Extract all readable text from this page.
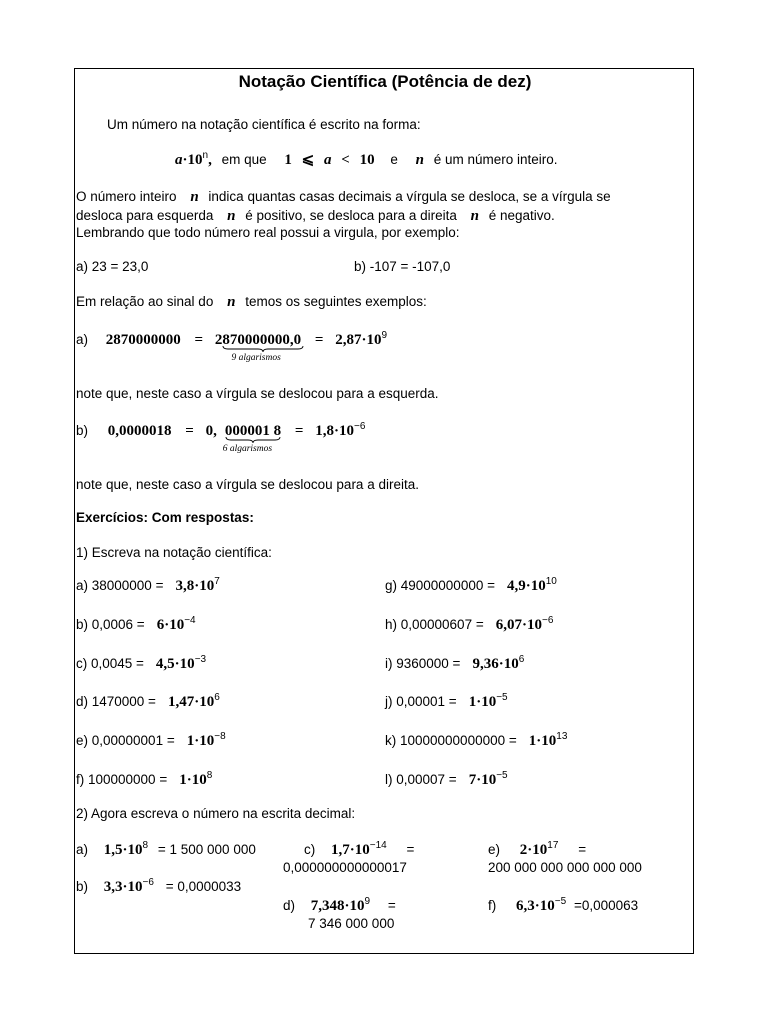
Notação Científica (Potência de dez)
Um número na notação científica é escrito na forma:
$a\cdot 10^n$, em que 1 ⩽ a < 10 e n é um número inteiro.
O número inteiro n indica quantas casas decimais a vírgula se desloca, se a vírgula se
desloca para esquerda n é positivo, se desloca para a direita n é negativo.
Lembrando que todo número real possui a virgula, por exemplo:
a) 23 = 23,0	b) -107 = -107,0
Em relação ao sinal do n temos os seguintes exemplos:
a) 2870000000 = 2870000000
9 algarismos
$,0 = 2,87\cdot 10^9$
note que, neste caso a vírgula se deslocou para a esquerda.
b) 0,0000018 = 0, 000001
6 algarismos
$8 = 1,8\cdot 10^{-6}$
note que, neste caso a vírgula se deslocou para a direita.
Exercícios: Com respostas:
1) Escreva na notação científica:
a) $38000000 = 3,8\cdot 10^7$	g) $49000000000 = 4,9\cdot 10^{10}$
b) $0,0006 = 6\cdot 10^{-4}$	h) $0,00000607 = 6,07\cdot 10^{-6}$
c) $0,0045 = 4,5\cdot 10^{-3}$	i) $9360000 = 9,36\cdot 10^6$
d) $1470000 = 1,47\cdot 10^6$	j) $0,00001 = 1\cdot 10^{-5}$
e) $0,00000001 = 1\cdot 10^{-8}$	k) $10000000000000 = 1\cdot 10^{13}$
f) $100000000 = 1\cdot 10^8$	l) $0,00007 = 7\cdot 10^{-5}$
2) Agora escreva o número na escrita decimal:
a) $1,5\cdot 10^8 = 1$ 500 000 000	c) $1,7\cdot 10^{-14}$ =
0,000000000000017
e) $2\cdot 10^{17}$ =
200 000 000 000 000 000
b) $3,3\cdot 10^{-6} = 0,0000033$
d) $7,348\cdot 10^9$ =
7 346 000 000
f) $6,3\cdot 10^{-5} =0,000063$
